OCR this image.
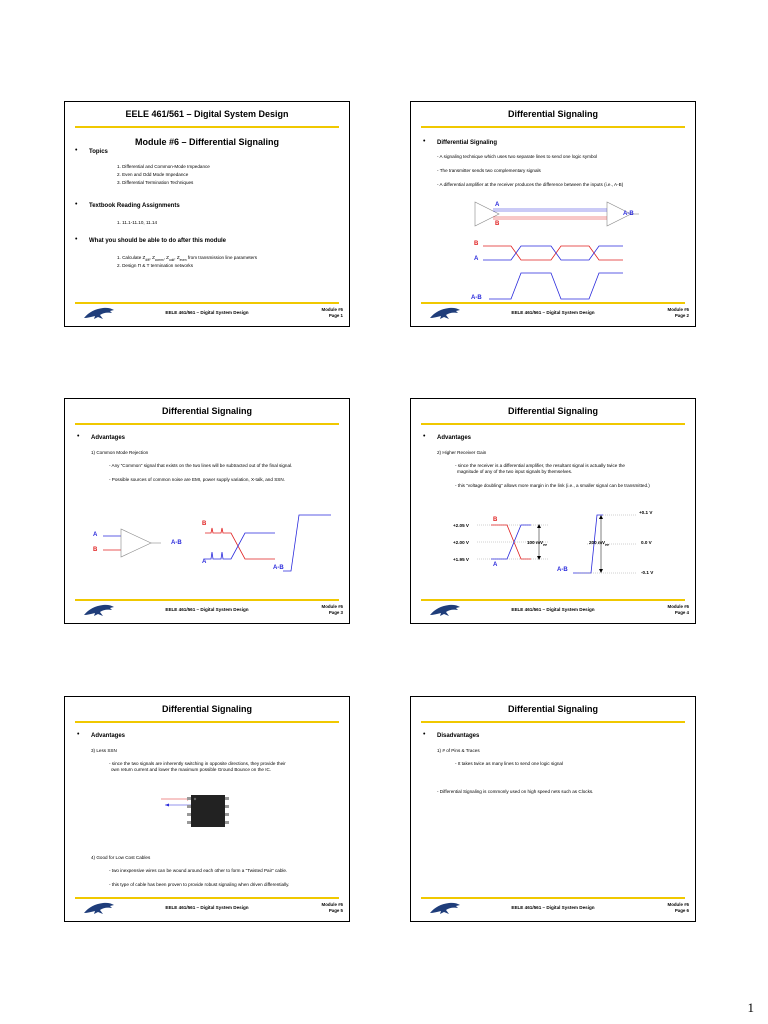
EELE 461/561 – Digital System Design
Module #6 – Differential Signaling
• Topics
1. Differential and Common-Mode Impedance
2. Even and Odd Mode Impedance
3. Differential Termination Techniques
• Textbook Reading Assignments
1. 11.1-11.10, 11.14
• What you should be able to do after this module
1. Calculate $Z_{diff}$, $Z_{comm}$, $Z_{odd}$, $Z_{even}$ from transmission line parameters
2. Design Π & T termination networks
EELE 461/561 – Digital System Design
Module #6
Page 1
Differential Signaling
• Differential Signaling
- A signaling technique which uses two separate lines to send one logic symbol
- The transmitter sends two complementary signals
- A differential amplifier at the receiver produces the difference between the inputs (i.e., A-B)
A
B
A-B
B
A
A-B
EELE 461/561 – Digital System Design
Module #6
Page 2
Differential Signaling
• Advantages
1) Common Mode Rejection
- Any “Common” signal that exists on the two lines will be subtracted out of the final signal.
- Possible sources of common noise are EMI, power supply variation, X-talk, and SSN.
A
B
A-B
B
A
A-B
EELE 461/561 – Digital System Design
Module #6
Page 3
Differential Signaling
• Advantages
2) Higher Receiver Gain
- since the receiver is a differential amplifier, the resultant signal is actually twice the
magnitude of any of the two input signals by themselves.
- this “voltage doubling” allows more margin in the link (i.e., a smaller signal can be transmitted.)
+2.05 V
+2.00 V
+1.95 V
B
A
100 $mV_{PP}$
A-B
200 $mV_{PP}$
+0.1 V
0.0 V
-0.1 V
EELE 461/561 – Digital System Design
Module #6
Page 4
Differential Signaling
• Advantages
3) Less SSN
- since the two signals are inherently switching in opposite directions, they provide their
own return current and lower the maximum possible Ground Bounce on the IC.
4) Good for Low Cost Cables
- two inexpensive wires can be wound around each other to form a “Twisted Pair” cable.
- this type of cable has been proven to provide robust signaling when driven differentially.
EELE 461/561 – Digital System Design
Module #6
Page 5
Differential Signaling
• Disadvantages
1) # of Pins & Traces
- It takes twice as many lines to send one logic signal
- Differential Signaling is commonly used on high speed nets such as Clocks.
EELE 461/561 – Digital System Design
Module #6
Page 6
1
